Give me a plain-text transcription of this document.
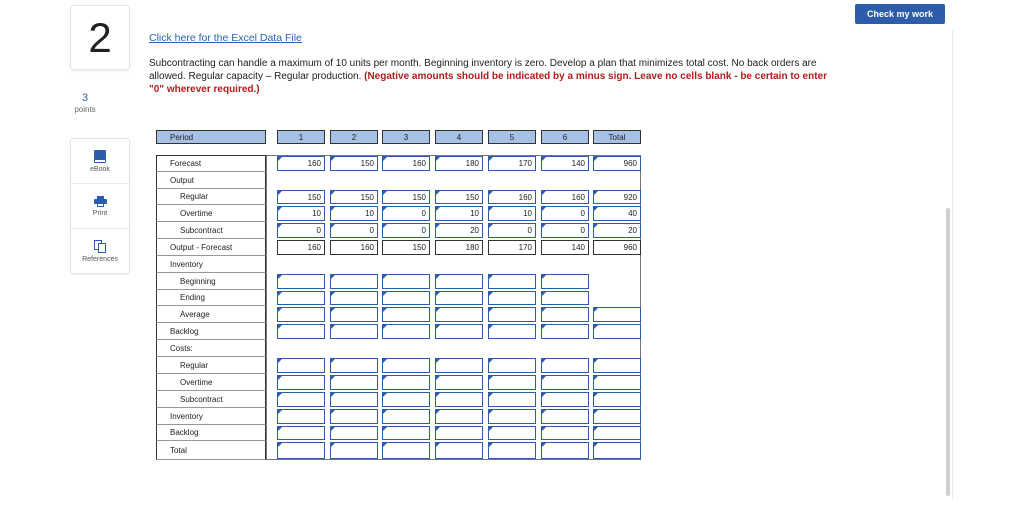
2
3
points
eBook
Print
References
Check my work
Click here for the Excel Data File
Subcontracting can handle a maximum of 10 units per month. Beginning inventory is zero. Develop a plan that minimizes total cost. No back orders are allowed. Regular capacity – Regular production. (Negative amounts should be indicated by a minus sign. Leave no cells blank - be certain to enter "0" wherever required.)
Period	1	2	3	4	5	6	Total
Forecast	160	150	160	180	170	140	960
Output
Regular	150	150	150	150	160	160	920
Overtime	10	10	0	10	10	0	40
Subcontract	0	0	0	20	0	0	20
Output - Forecast	160	160	150	180	170	140	960
Inventory
Beginning
Ending
Average
Backlog
Costs:
Regular
Overtime
Subcontract
Inventory
Backlog
Total
